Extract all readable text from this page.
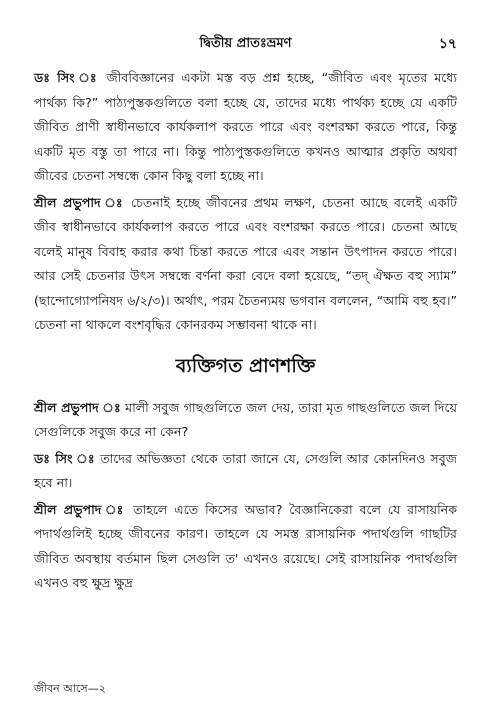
দ্বিতীয় প্রাতঃভ্রমণ	১৭

ডঃ সিং ঃ জীববিজ্ঞানের একটা মস্ত বড় প্রশ্ন হচ্ছে, “জীবিত এবং মৃতের মধ্যে পার্থক্য কি?” পাঠ্যপুস্তকগুলিতে বলা হচ্ছে যে, তাদের মধ্যে পার্থক্য হচ্ছে যে একটি জীবিত প্রাণী স্বাধীনভাবে কার্যকলাপ করতে পারে এবং বংশরক্ষা করতে পারে, কিন্তু একটি মৃত বস্তু তা পারে না। কিন্তু পাঠ্যপুস্তকগুলিতে কখনও আত্মার প্রকৃতি অথবা জীবের চেতনা সম্বন্ধে কোন কিছু বলা হচ্ছে না।

শ্রীল প্রভুপাদ ঃ চেতনাই হচ্ছে জীবনের প্রথম লক্ষণ, চেতনা আছে বলেই একটি জীব স্বাধীনভাবে কার্যকলাপ করতে পারে এবং বংশরক্ষা করতে পারে। চেতনা আছে বলেই মানুষ বিবাহ করার কথা চিন্তা করতে পারে এবং সন্তান উৎপাদন করতে পারে। আর সেই চেতনার উৎস সম্বন্ধে বর্ণনা করা বেদে বলা হয়েছে, “তদ্ ঐক্ষত বহু স্যাম” (ছান্দোগ্যোপনিষদ ৬/২/৩)। অর্থাৎ, পরম চৈতন্যময় ভগবান বললেন, “আমি বহু হব।” চেতনা না থাকলে বংশবৃদ্ধির কোনরকম সম্ভাবনা থাকে না।

ব্যক্তিগত প্রাণশক্তি

শ্রীল প্রভুপাদ ঃ মালী সবুজ গাছগুলিতে জল দেয়, তারা মৃত গাছগুলিতে জল দিয়ে সেগুলিকে সবুজ করে না কেন?

ডঃ সিং ঃ তাদের অভিজ্ঞতা থেকে তারা জানে যে, সেগুলি আর কোনদিনও সবুজ হবে না।

শ্রীল প্রভুপাদ ঃ তাহলে এতে কিসের অভাব? বৈজ্ঞানিকেরা বলে যে রাসায়নিক পদার্থগুলিই হচ্ছে জীবনের কারণ। তাহলে যে সমস্ত রাসায়নিক পদার্থগুলি গাছটির জীবিত অবস্থায় বর্তমান ছিল সেগুলি ত' এখনও রয়েছে। সেই রাসায়নিক পদার্থগুলি এখনও বহু ক্ষুদ্র ক্ষুদ্র

জীবন আসে—২
